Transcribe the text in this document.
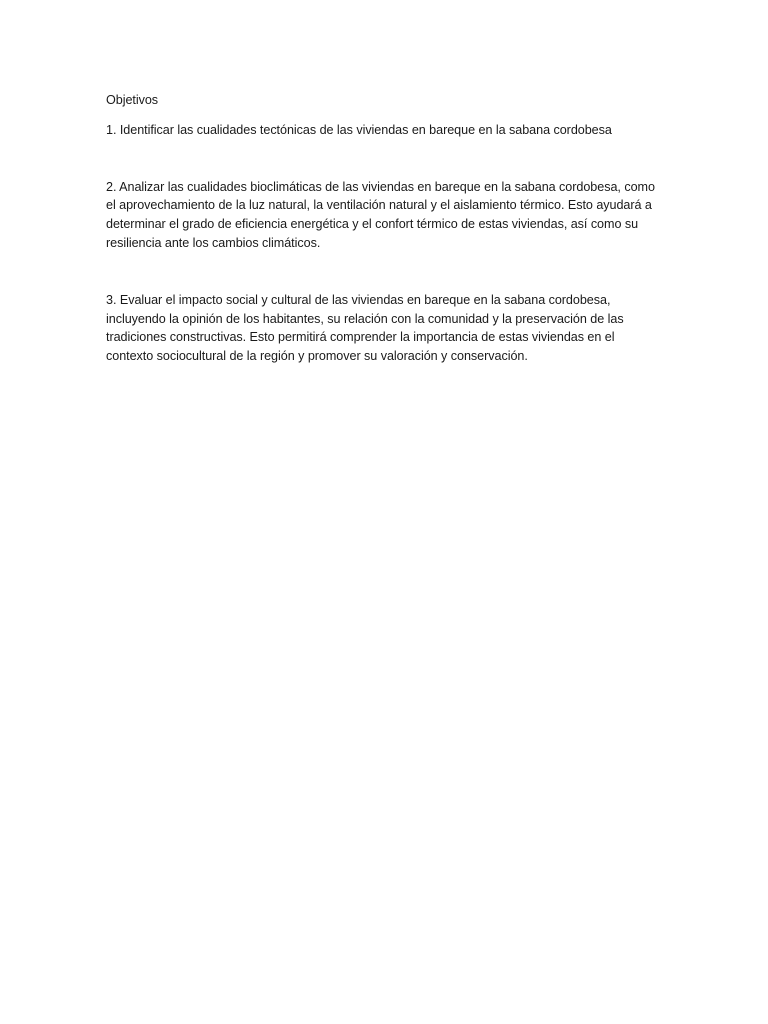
Objetivos

1. Identificar las cualidades tectónicas de las viviendas en bareque en la sabana cordobesa

2. Analizar las cualidades bioclimáticas de las viviendas en bareque en la sabana cordobesa, como el aprovechamiento de la luz natural, la ventilación natural y el aislamiento térmico. Esto ayudará a determinar el grado de eficiencia energética y el confort térmico de estas viviendas, así como su resiliencia ante los cambios climáticos.

3. Evaluar el impacto social y cultural de las viviendas en bareque en la sabana cordobesa, incluyendo la opinión de los habitantes, su relación con la comunidad y la preservación de las tradiciones constructivas. Esto permitirá comprender la importancia de estas viviendas en el contexto sociocultural de la región y promover su valoración y conservación.
